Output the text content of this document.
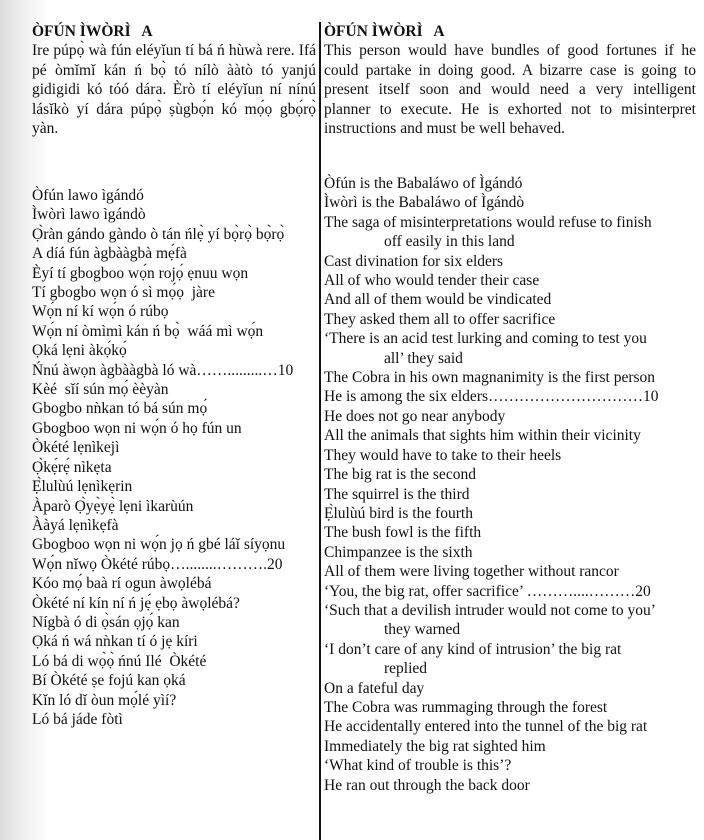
ÒFÚN ÌWÒRÌ   A

Ire púpọ̀ wà fún eléyǐun tí bá ń hùwà rere. Ifá pé òmǐmǐ kán ń bọ̀ tó nílò ààtò tó yanjú gidigidi kó tóó dára. Èrò tí eléyǐun ní nínú lásǐkò yí dára púpọ̀ ṣùgbọ́n kó mọ́ọ gbọ́rọ̀ yàn.

Òfún lawo ìgándó

Ìwòrì lawo ìgándò

Ọ̀ràn gándo gàndo ò tán ńlẹ̀ yí bọ̀rọ̀ bọ̀rọ̀

A díá fún àgbààgbà mẹ́fà

Èyí tí gbogboo wọ́n rojọ́ ẹnuu wọn

Tí gbogbo wọn ó sì mọ́ọ  jàre

Wọ́n ní kí wọ́n ó rúbọ

Wọ́n ní òmìmì kán ń bọ̀  wáá mì wọ́n

Ọká lẹni àkọ́kọ́

Ńnú àwọn àgbààgbà ló wà…….........…10

Kèé  sǐí sún mọ́ èèyàn

Gbogbo nǹkan tó bá sún mọ́

Gbogboo wọn ni wọ́n ó họ fún un

Òkété lẹnìkejì

Ọ̀kẹ́rẹ́ nìkẹta

Ẹ̀lulùú lẹnìkẹrin

Àparò Ọ̀yẹ̀yẹ̀ lẹni ìkarùún

Ààyá lẹnìkẹfà

Gbogboo wọn ni wọ́n jọ ń gbé láǐ síyọnu

Wọ́n nǐwọ Òkété rúbọ…........……….20

Kóo mọ́ baà rí ogun àwọlébá

Òkété ní kín ní ń jẹ́ ẹbọ àwọlébá?

Nígbà ó di ọ̀sán ọjọ́ kan

Ọká ń wá nǹkan tí ó jẹ kíri

Ló bá di wọ̀ọ̀ ńnú Ilé  Òkété

Bí Òkété ṣe fojú kan ọká

Kǐn ló dǐ òun mọ́lé yìí?

Ló bá jáde fòtì

ÒFÚN ÌWÒRÌ   A

This person would have bundles of good fortunes if he could partake in doing good. A bizarre case is going to present itself soon and would need a very intelligent planner to execute. He is exhorted not to misinterpret instructions and must be well behaved.

Òfún is the Babaláwo of Ìgándó

Ìwòrì is the Babaláwo of Ìgándò

The saga of misinterpretations would refuse to finish

off easily in this land

Cast divination for six elders

All of who would tender their case

And all of them would be vindicated

They asked them all to offer sacrifice

‘There is an acid test lurking and coming to test you

all’ they said

The Cobra in his own magnanimity is the first person

He is among the six elders…………………………10

He does not go near anybody

All the animals that sights him within their vicinity

They would have to take to their heels

The big rat is the second

The squirrel is the third

Ẹ̀lulùú bird is the fourth

The bush fowl is the fifth

Chimpanzee is the sixth

All of them were living together without rancor

‘You, the big rat, offer sacrifice’ ………....………20

‘Such that a devilish intruder would not come to you’

they warned

‘I don’t care of any kind of intrusion’ the big rat

replied

On a fateful day

The Cobra was rummaging through the forest

He accidentally entered into the tunnel of the big rat

Immediately the big rat sighted him

‘What kind of trouble is this’?

He ran out through the back door
